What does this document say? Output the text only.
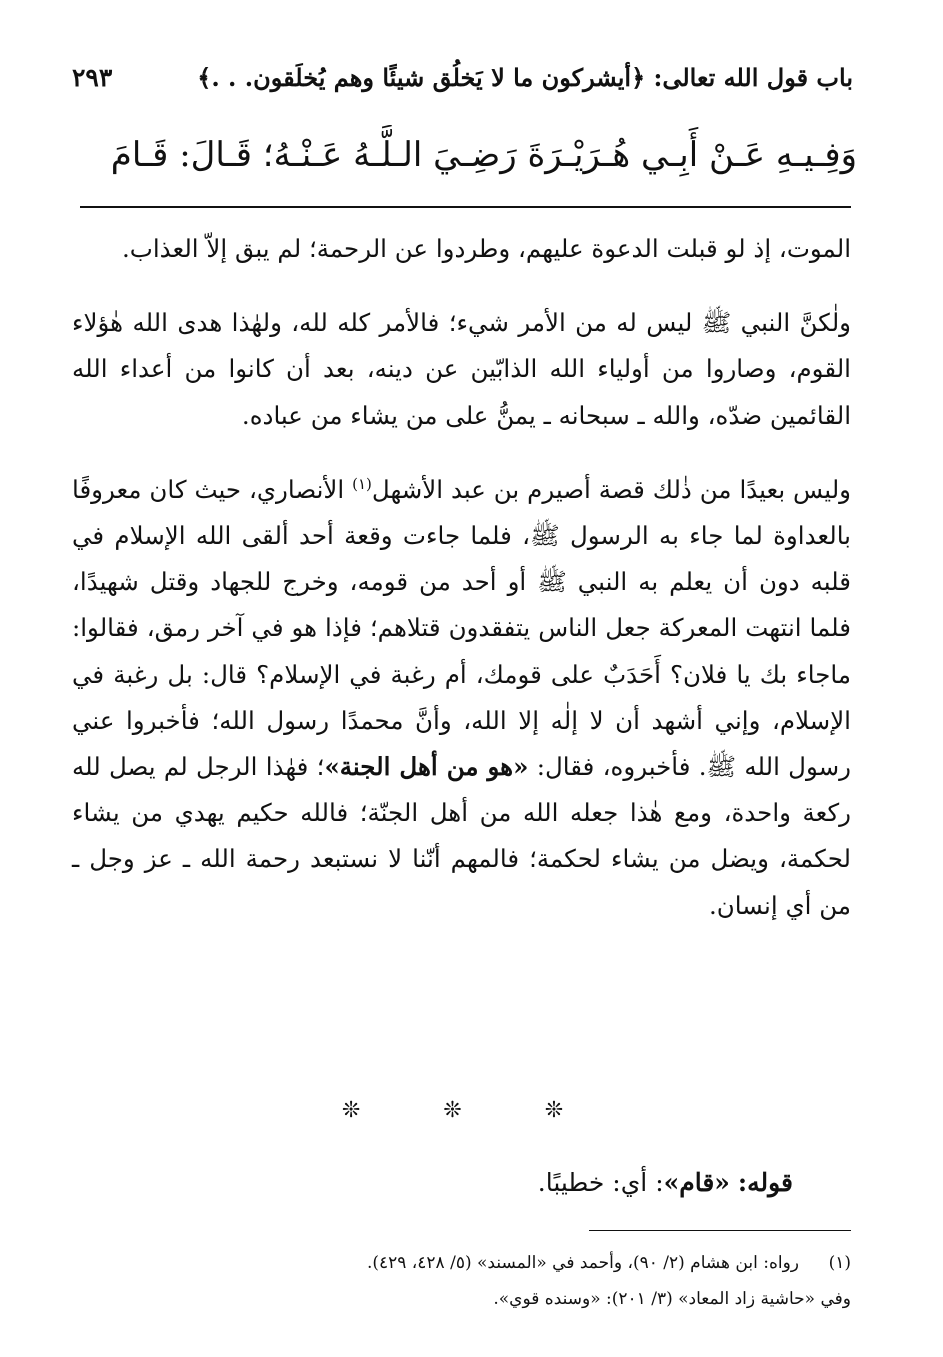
باب قول الله تعالى: ﴿أيشركون ما لا يَخلُق شيئًا وهم يُخلَقون. . .﴾
٢٩٣
وَفِـيـهِ عَـنْ أَبِـي هُـرَيْـرَةَ رَضِـيَ الـلَّـهُ عَـنْـهُ؛ قَـالَ: قَـامَ

الموت، إذ لو قبلت الدعوة عليهم، وطردوا عن الرحمة؛ لم يبق إلاّ العذاب.

ولٰكنَّ النبي ﷺ ليس له من الأمر شيء؛ فالأمر كله لله، ولهٰذا هدى الله هٰؤلاء القوم، وصاروا من أولياء الله الذابّين عن دينه، بعد أن كانوا من أعداء الله القائمين ضدّه، والله ـ سبحانه ـ يمنُّ على من يشاء من عباده.

وليس بعيدًا من ذٰلك قصة أصيرم بن عبد الأشهل$^{(١)}$ الأنصاري، حيث كان معروفًا بالعداوة لما جاء به الرسول ﷺ، فلما جاءت وقعة أحد ألقى الله الإسلام في قلبه دون أن يعلم به النبي ﷺ أو أحد من قومه، وخرج للجهاد وقتل شهيدًا، فلما انتهت المعركة جعل الناس يتفقدون قتلاهم؛ فإذا هو في آخر رمق، فقالوا: ماجاء بك يا فلان؟ أَحَدَبٌ على قومك، أم رغبة في الإسلام؟ قال: بل رغبة في الإسلام، وإني أشهد أن لا إلٰه إلا الله، وأنَّ محمدًا رسول الله؛ فأخبروا عني رسول الله ﷺ. فأخبروه، فقال: «هو من أهل الجنة»؛ فهٰذا الرجل لم يصل لله ركعة واحدة، ومع هٰذا جعله الله من أهل الجنّة؛ فالله حكيم يهدي من يشاء لحكمة، ويضل من يشاء لحكمة؛ فالمهم أنّنا لا نستبعد رحمة الله ـ عز وجل ـ من أي إنسان.

❊ ❊ ❊
قوله: «قام»: أي: خطيبًا.
(١)
رواه: ابن هشام (٢/ ٩٠)، وأحمد في «المسند» (٥/ ٤٢٨، ٤٢٩).
وفي «حاشية زاد المعاد» (٣/ ٢٠١): «وسنده قوي».
